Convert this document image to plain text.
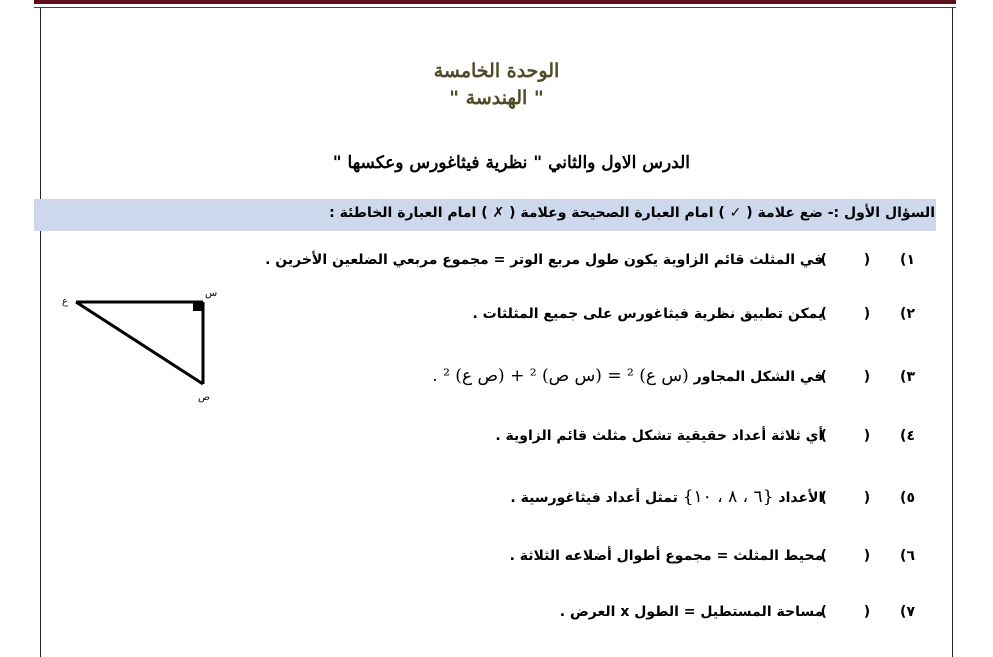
الوحدة الخامسة
" الهندسة "
الدرس الاول والثاني " نظرية فيثاغورس وعكسها "
السؤال الأول :- ضع علامة ( ✓ ) امام العبارة الصحيحة وعلامة ( ✗ ) امام العبارة الخاطئة :
١) ( ) في المثلث قائم الزاوية يكون طول مربع الوتر = مجموع مربعي الضلعين الأخرين .
٢) ( ) يمكن تطبيق نظرية فيثاغورس على جميع المثلثات .
٣) ( ) في الشكل المجاور (س ع) ² = (س ص) ² + (ص ع) ² .
٤) ( ) أي ثلاثة أعداد حقيقية تشكل مثلث قائم الزاوية .
٥) ( ) الأعداد {٦ ، ٨ ، ١٠} تمثل أعداد فيثاغورسية .
٦) ( ) محيط المثلث = مجموع أطوال أضلاعه الثلاثة .
٧) ( ) مساحة المستطيل = الطول x العرض .
س
ع
ص
